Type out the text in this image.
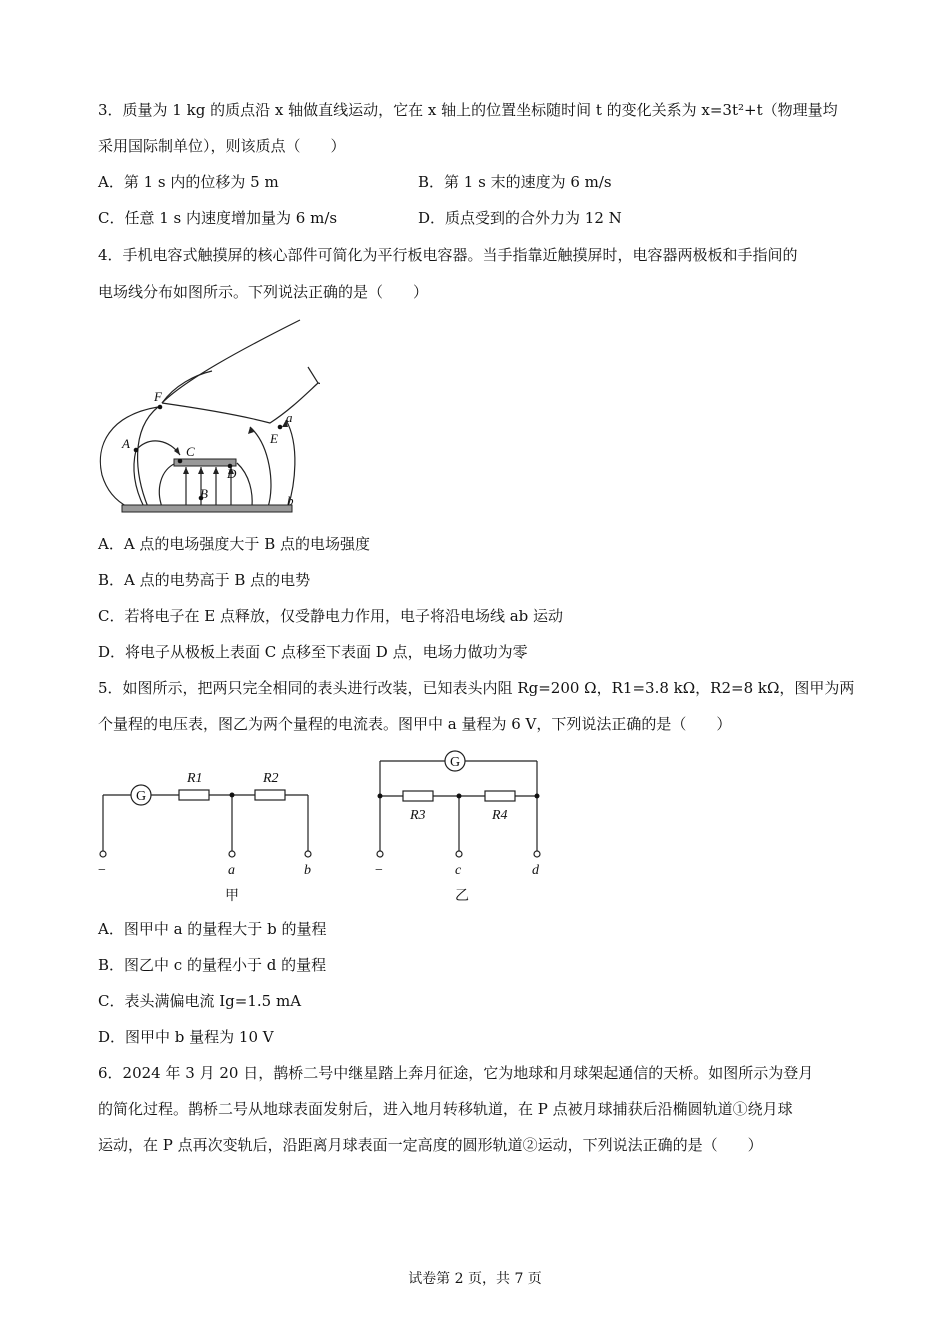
3．质量为 1 kg 的质点沿 x 轴做直线运动，它在 x 轴上的位置坐标随时间 t 的变化关系为 x=3t²+t（物理量均
采用国际制单位），则该质点（　　）
A．第 1 s 内的位移为 5 m	B．第 1 s 末的速度为 6 m/s
C．任意 1 s 内速度增加量为 6 m/s	D．质点受到的合外力为 12 N
4．手机电容式触摸屏的核心部件可简化为平行板电容器。当手指靠近触摸屏时，电容器两极板和手指间的
电场线分布如图所示。下列说法正确的是（　　）
F
A
C
D
B
E
a
b
A．A 点的电场强度大于 B 点的电场强度
B．A 点的电势高于 B 点的电势
C．若将电子在 E 点释放，仅受静电力作用，电子将沿电场线 ab 运动
D．将电子从极板上表面 C 点移至下表面 D 点，电场力做功为零
5．如图所示，把两只完全相同的表头进行改装，已知表头内阻 Rg=200 Ω，R1=3.8 kΩ，R2=8 kΩ，图甲为两
个量程的电压表，图乙为两个量程的电流表。图甲中 a 量程为 6 V，下列说法正确的是（　　）
G
R1	R2
−	a	b
甲
G
R3	R4
−	c	d
乙
A．图甲中 a 的量程大于 b 的量程
B．图乙中 c 的量程小于 d 的量程
C．表头满偏电流 Ig=1.5 mA
D．图甲中 b 量程为 10 V
6．2024 年 3 月 20 日，鹊桥二号中继星踏上奔月征途，它为地球和月球架起通信的天桥。如图所示为登月
的简化过程。鹊桥二号从地球表面发射后，进入地月转移轨道，在 P 点被月球捕获后沿椭圆轨道①绕月球
运动，在 P 点再次变轨后，沿距离月球表面一定高度的圆形轨道②运动，下列说法正确的是（　　）
试卷第 2 页，共 7 页
